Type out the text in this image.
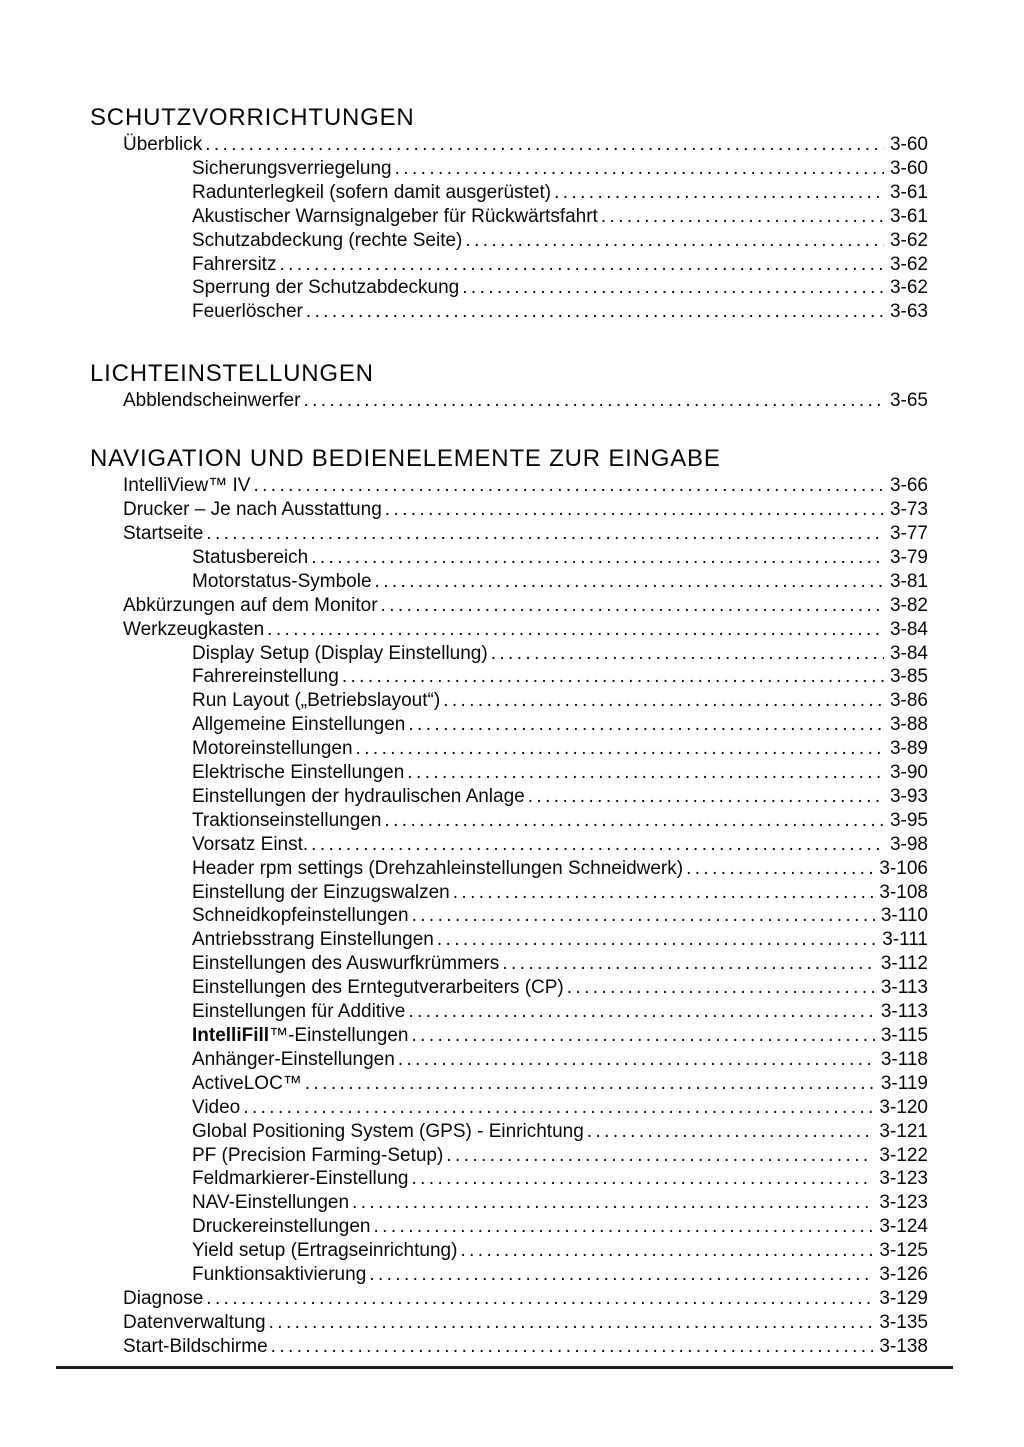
SCHUTZVORRICHTUNGEN
Überblick .....	3-60
Sicherungsverriegelung .....	3-60
Radunterlegkeil (sofern damit ausgerüstet) .....	3-61
Akustischer Warnsignalgeber für Rückwärtsfahrt .....	3-61
Schutzabdeckung (rechte Seite) .....	3-62
Fahrersitz .....	3-62
Sperrung der Schutzabdeckung .....	3-62
Feuerlöscher .....	3-63
LICHTEINSTELLUNGEN
Abblendscheinwerfer .....	3-65
NAVIGATION UND BEDIENELEMENTE ZUR EINGABE
IntelliView™ IV .....	3-66
Drucker – Je nach Ausstattung .....	3-73
Startseite .....	3-77
Statusbereich .....	3-79
Motorstatus-Symbole .....	3-81
Abkürzungen auf dem Monitor .....	3-82
Werkzeugkasten .....	3-84
Display Setup (Display Einstellung) .....	3-84
Fahrereinstellung .....	3-85
Run Layout („Betriebslayout“) .....	3-86
Allgemeine Einstellungen .....	3-88
Motoreinstellungen .....	3-89
Elektrische Einstellungen .....	3-90
Einstellungen der hydraulischen Anlage .....	3-93
Traktionseinstellungen .....	3-95
Vorsatz Einst. .....	3-98
Header rpm settings (Drehzahleinstellungen Schneidwerk) .....	3-106
Einstellung der Einzugswalzen .....	3-108
Schneidkopfeinstellungen .....	3-110
Antriebsstrang Einstellungen .....	3-111
Einstellungen des Auswurfkrümmers .....	3-112
Einstellungen des Erntegutverarbeiters (CP) .....	3-113
Einstellungen für Additive .....	3-113
IntelliFill™-Einstellungen .....	3-115
Anhänger-Einstellungen .....	3-118
ActiveLOC™ .....	3-119
Video .....	3-120
Global Positioning System (GPS) - Einrichtung .....	3-121
PF (Precision Farming-Setup) .....	3-122
Feldmarkierer-Einstellung .....	3-123
NAV-Einstellungen .....	3-123
Druckereinstellungen .....	3-124
Yield setup (Ertragseinrichtung) .....	3-125
Funktionsaktivierung .....	3-126
Diagnose .....	3-129
Datenverwaltung .....	3-135
Start-Bildschirme .....	3-138
